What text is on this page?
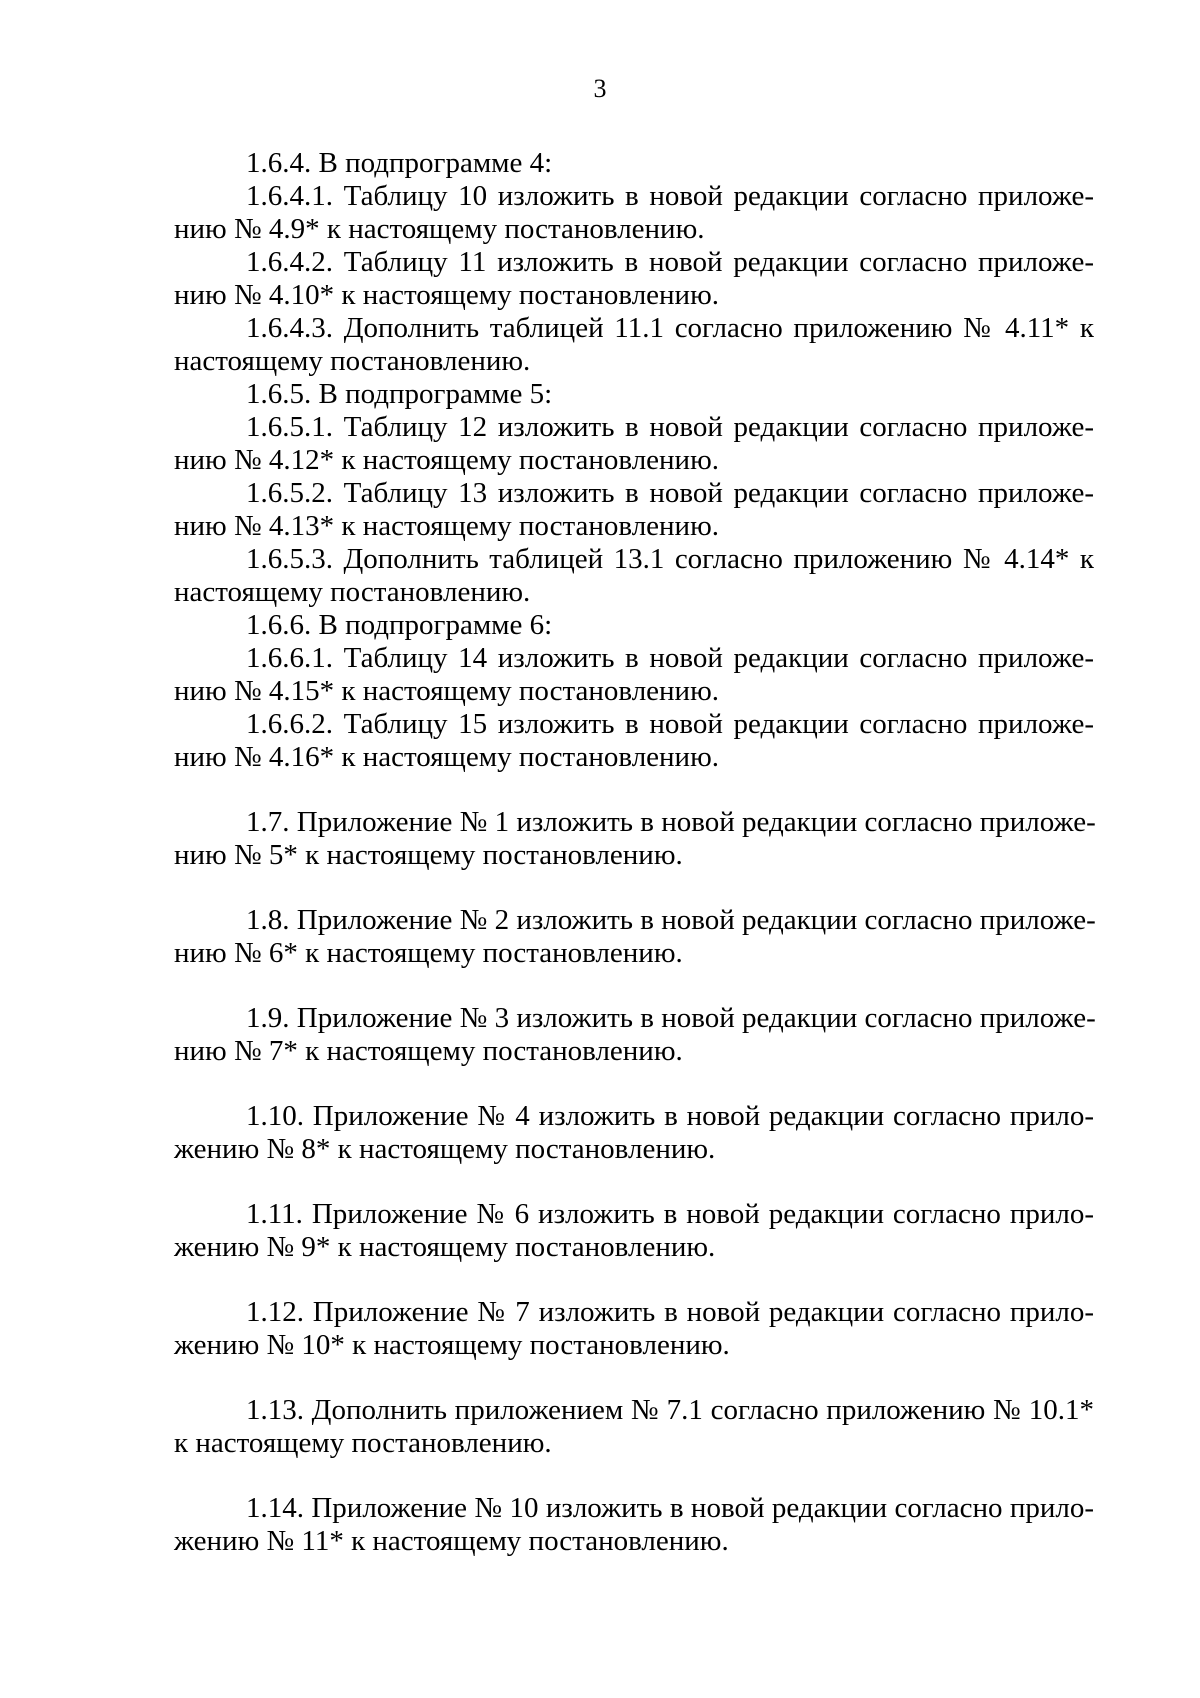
3
1.6.4. В подпрограмме 4:
1.6.4.1. Таблицу 10 изложить в новой редакции согласно приложе-
нию № 4.9* к настоящему постановлению.
1.6.4.2. Таблицу 11 изложить в новой редакции согласно приложе-
нию № 4.10* к настоящему постановлению.
1.6.4.3. Дополнить таблицей 11.1 согласно приложению № 4.11* к
настоящему постановлению.
1.6.5. В подпрограмме 5:
1.6.5.1. Таблицу 12 изложить в новой редакции согласно приложе-
нию № 4.12* к настоящему постановлению.
1.6.5.2. Таблицу 13 изложить в новой редакции согласно приложе-
нию № 4.13* к настоящему постановлению.
1.6.5.3. Дополнить таблицей 13.1 согласно приложению № 4.14* к
настоящему постановлению.
1.6.6. В подпрограмме 6:
1.6.6.1. Таблицу 14 изложить в новой редакции согласно приложе-
нию № 4.15* к настоящему постановлению.
1.6.6.2. Таблицу 15 изложить в новой редакции согласно приложе-
нию № 4.16* к настоящему постановлению.
1.7. Приложение № 1 изложить в новой редакции согласно приложе-
нию № 5* к настоящему постановлению.
1.8. Приложение № 2 изложить в новой редакции согласно приложе-
нию № 6* к настоящему постановлению.
1.9. Приложение № 3 изложить в новой редакции согласно приложе-
нию № 7* к настоящему постановлению.
1.10. Приложение № 4 изложить в новой редакции согласно прило-
жению № 8* к настоящему постановлению.
1.11. Приложение № 6 изложить в новой редакции согласно прило-
жению № 9* к настоящему постановлению.
1.12. Приложение № 7 изложить в новой редакции согласно прило-
жению № 10* к настоящему постановлению.
1.13. Дополнить приложением № 7.1 согласно приложению № 10.1*
к настоящему постановлению.
1.14. Приложение № 10 изложить в новой редакции согласно прило-
жению № 11* к настоящему постановлению.
